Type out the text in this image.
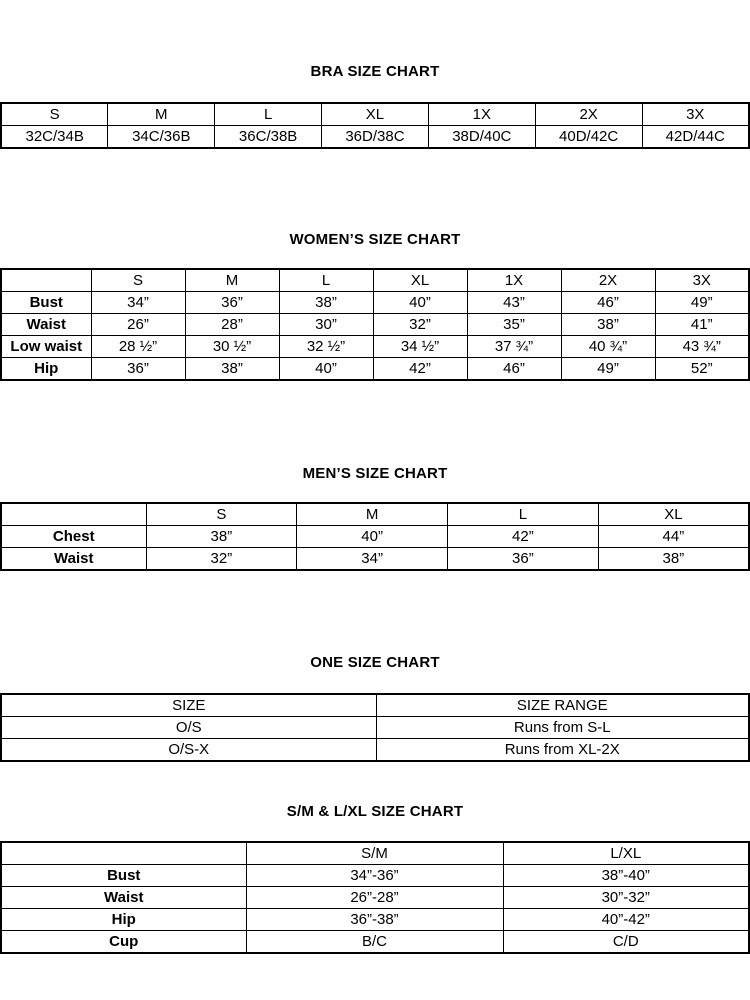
BRA SIZE CHART
S	M	L	XL	1X	2X	3X
32C/34B	34C/36B	36C/38B	36D/38C	38D/40C	40D/42C	42D/44C
WOMEN’S SIZE CHART
	S	M	L	XL	1X	2X	3X
Bust	34”	36”	38”	40”	43”	46”	49”
Waist	26”	28”	30”	32”	35”	38”	41”
Low waist	28 ½”	30 ½”	32 ½”	34 ½”	37 ¾”	40 ¾”	43 ¾”
Hip	36”	38”	40”	42”	46”	49”	52”
MEN’S SIZE CHART
	S	M	L	XL
Chest	38”	40”	42”	44”
Waist	32”	34”	36”	38”
ONE SIZE CHART
SIZE	SIZE RANGE
O/S	Runs from S-L
O/S-X	Runs from XL-2X
S/M & L/XL SIZE CHART
	S/M	L/XL
Bust	34”-36”	38”-40”
Waist	26”-28”	30”-32”
Hip	36”-38”	40”-42”
Cup	B/C	C/D
